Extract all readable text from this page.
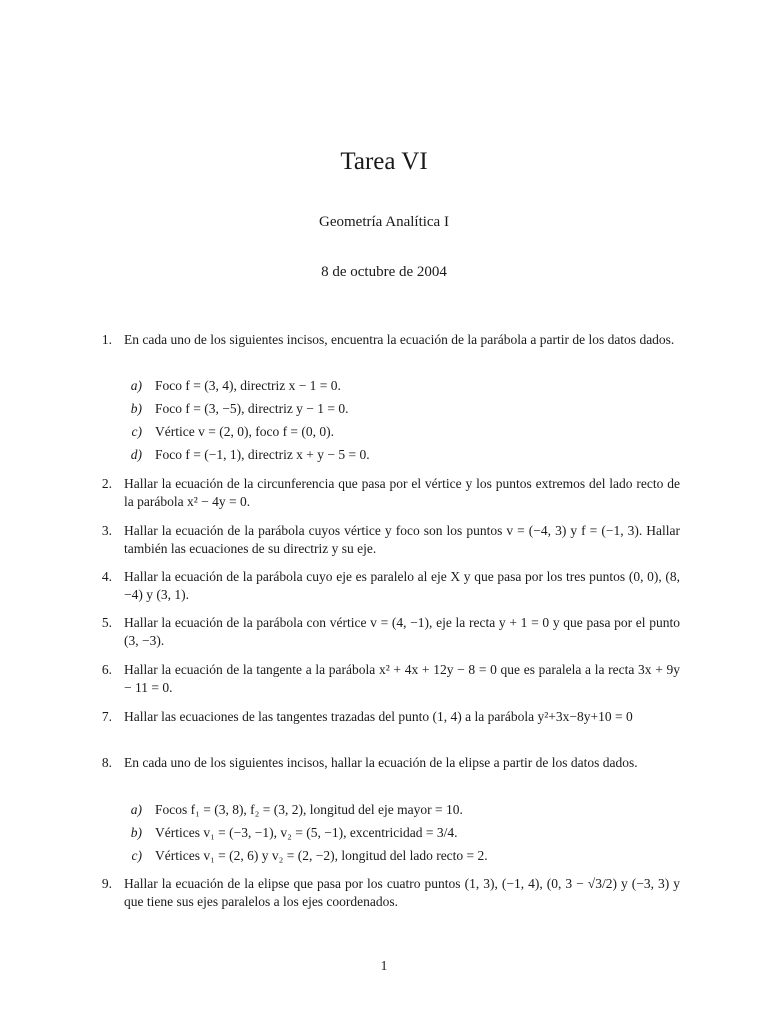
Tarea VI
Geometría Analítica I
8 de octubre de 2004
1. En cada uno de los siguientes incisos, encuentra la ecuación de la parábola a partir de los datos dados.
a) Foco f = (3, 4), directriz x − 1 = 0.
b) Foco f = (3, −5), directriz y − 1 = 0.
c) Vértice v = (2, 0), foco f = (0, 0).
d) Foco f = (−1, 1), directriz x + y − 5 = 0.
2. Hallar la ecuación de la circunferencia que pasa por el vértice y los puntos extremos del lado recto de la parábola x² − 4y = 0.
3. Hallar la ecuación de la parábola cuyos vértice y foco son los puntos v = (−4, 3) y f = (−1, 3). Hallar también las ecuaciones de su directriz y su eje.
4. Hallar la ecuación de la parábola cuyo eje es paralelo al eje X y que pasa por los tres puntos (0, 0), (8, −4) y (3, 1).
5. Hallar la ecuación de la parábola con vértice v = (4, −1), eje la recta y + 1 = 0 y que pasa por el punto (3, −3).
6. Hallar la ecuación de la tangente a la parábola x² + 4x + 12y − 8 = 0 que es paralela a la recta 3x + 9y − 11 = 0.
7. Hallar las ecuaciones de las tangentes trazadas del punto (1, 4) a la parábola y²+3x−8y+10 = 0
8. En cada uno de los siguientes incisos, hallar la ecuación de la elipse a partir de los datos dados.
a) Focos f₁ = (3, 8), f₂ = (3, 2), longitud del eje mayor = 10.
b) Vértices v₁ = (−3, −1), v₂ = (5, −1), excentricidad = 3/4.
c) Vértices v₁ = (2, 6) y v₂ = (2, −2), longitud del lado recto = 2.
9. Hallar la ecuación de la elipse que pasa por los cuatro puntos (1, 3), (−1, 4), (0, 3 − √3/2) y (−3, 3) y que tiene sus ejes paralelos a los ejes coordenados.
1
